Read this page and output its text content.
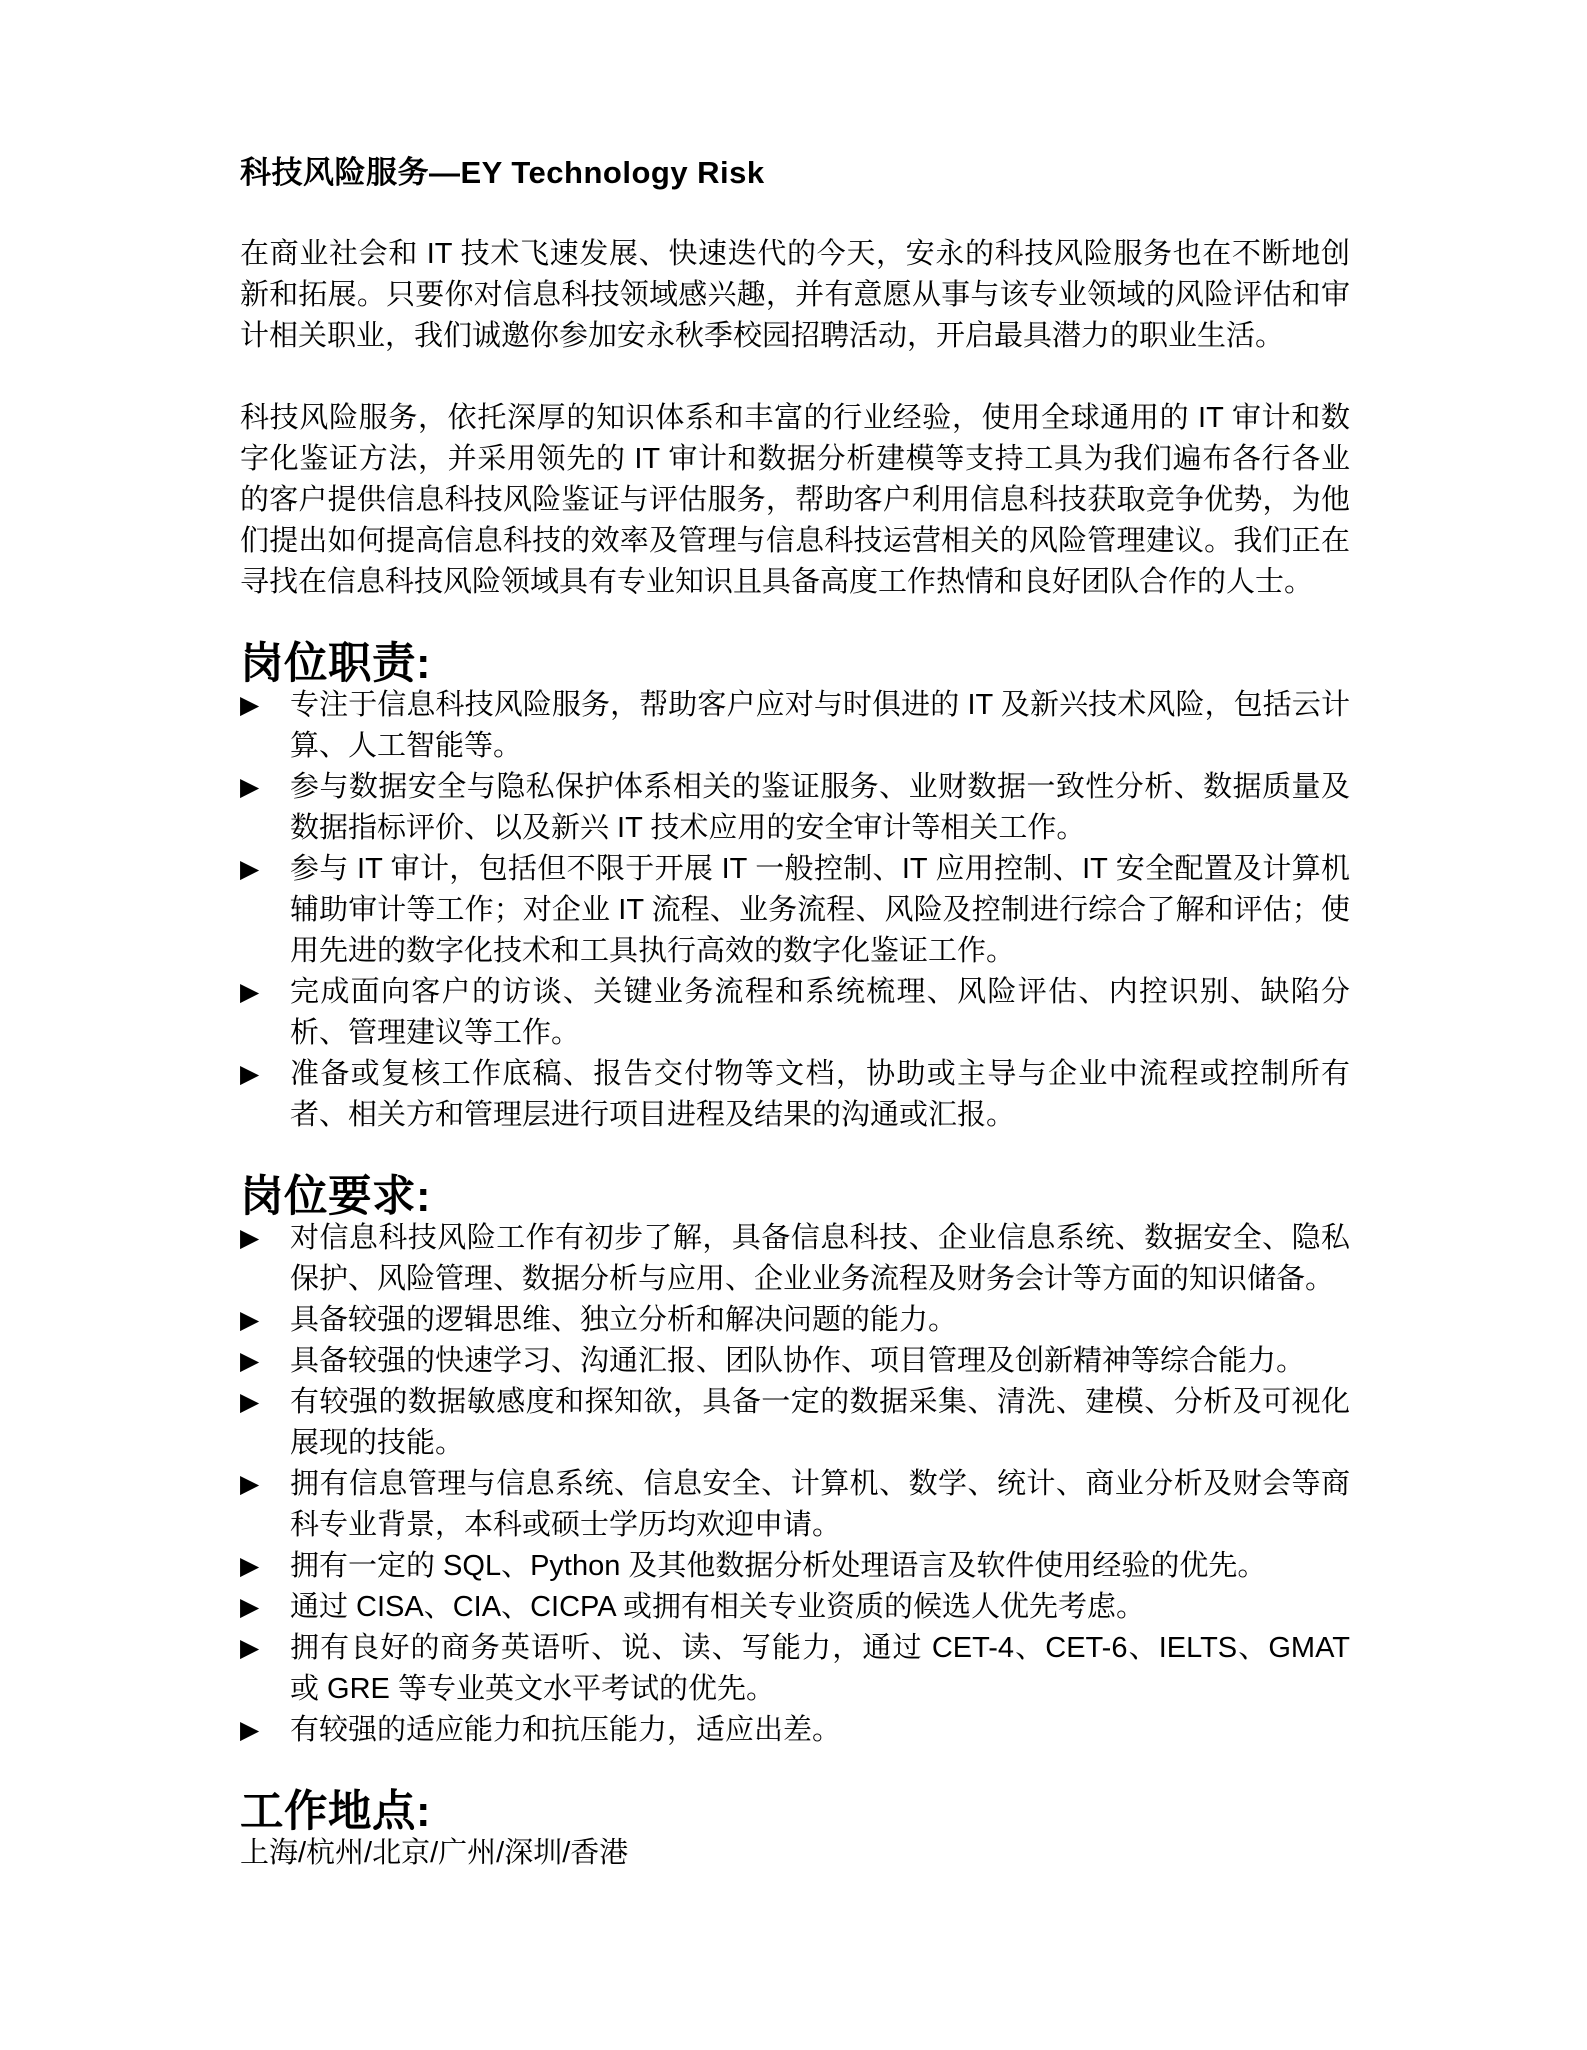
科技风险服务—EY Technology Risk

在商业社会和 IT 技术飞速发展、快速迭代的今天，安永的科技风险服务也在不断地创新和拓展。只要你对信息科技领域感兴趣，并有意愿从事与该专业领域的风险评估和审计相关职业，我们诚邀你参加安永秋季校园招聘活动，开启最具潜力的职业生活。

科技风险服务，依托深厚的知识体系和丰富的行业经验，使用全球通用的 IT 审计和数字化鉴证方法，并采用领先的 IT 审计和数据分析建模等支持工具为我们遍布各行各业的客户提供信息科技风险鉴证与评估服务，帮助客户利用信息科技获取竞争优势，为他们提出如何提高信息科技的效率及管理与信息科技运营相关的风险管理建议。我们正在寻找在信息科技风险领域具有专业知识且具备高度工作热情和良好团队合作的人士。

岗位职责:
▶ 专注于信息科技风险服务，帮助客户应对与时俱进的 IT 及新兴技术风险，包括云计算、人工智能等。
▶ 参与数据安全与隐私保护体系相关的鉴证服务、业财数据一致性分析、数据质量及数据指标评价、以及新兴 IT 技术应用的安全审计等相关工作。
▶ 参与 IT 审计，包括但不限于开展 IT 一般控制、IT 应用控制、IT 安全配置及计算机辅助审计等工作；对企业 IT 流程、业务流程、风险及控制进行综合了解和评估；使用先进的数字化技术和工具执行高效的数字化鉴证工作。
▶ 完成面向客户的访谈、关键业务流程和系统梳理、风险评估、内控识别、缺陷分析、管理建议等工作。
▶ 准备或复核工作底稿、报告交付物等文档，协助或主导与企业中流程或控制所有者、相关方和管理层进行项目进程及结果的沟通或汇报。
岗位要求:
▶ 对信息科技风险工作有初步了解，具备信息科技、企业信息系统、数据安全、隐私保护、风险管理、数据分析与应用、企业业务流程及财务会计等方面的知识储备。
▶ 具备较强的逻辑思维、独立分析和解决问题的能力。
▶ 具备较强的快速学习、沟通汇报、团队协作、项目管理及创新精神等综合能力。
▶ 有较强的数据敏感度和探知欲，具备一定的数据采集、清洗、建模、分析及可视化展现的技能。
▶ 拥有信息管理与信息系统、信息安全、计算机、数学、统计、商业分析及财会等商科专业背景，本科或硕士学历均欢迎申请。
▶ 拥有一定的 SQL、Python 及其他数据分析处理语言及软件使用经验的优先。
▶ 通过 CISA、CIA、CICPA 或拥有相关专业资质的候选人优先考虑。
▶ 拥有良好的商务英语听、说、读、写能力，通过 CET-4、CET-6、IELTS、GMAT 或 GRE 等专业英文水平考试的优先。
▶ 有较强的适应能力和抗压能力，适应出差。
工作地点:

上海/杭州/北京/广州/深圳/香港
